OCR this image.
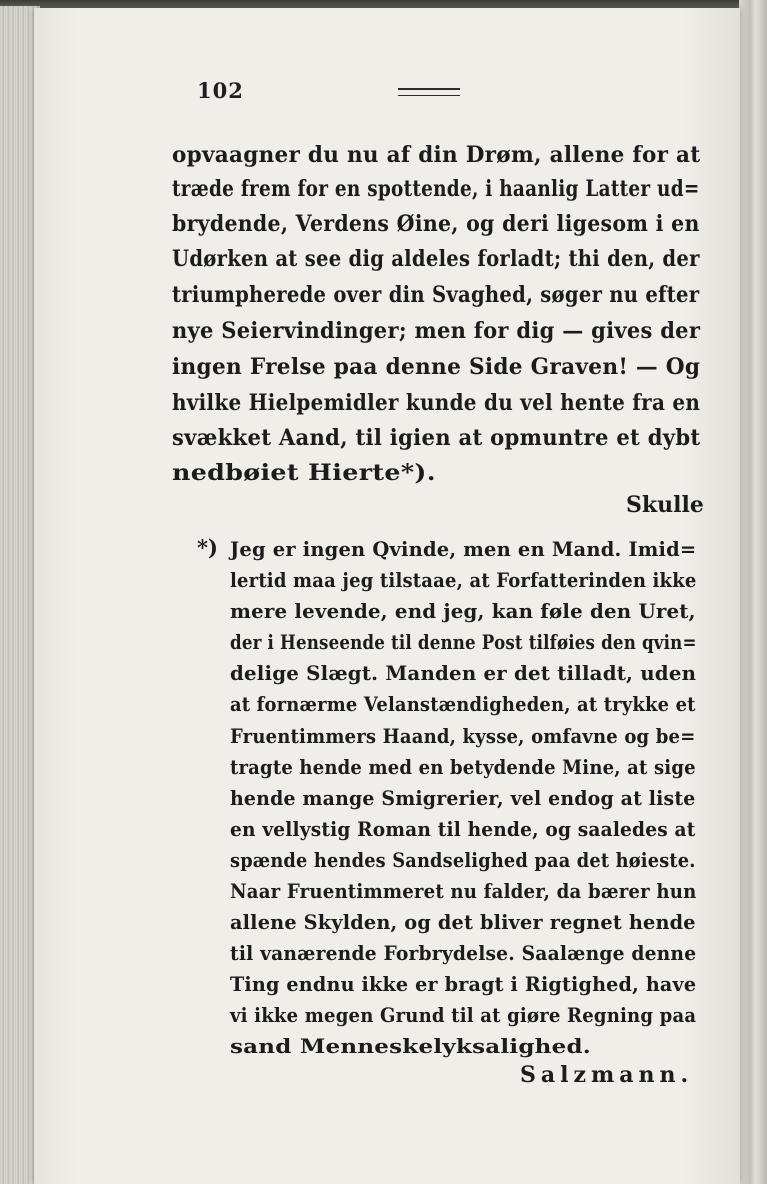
102
opvaagner du nu af din Drøm, allene for at
træde frem for en spottende, i haanlig Latter ud=
brydende, Verdens Øine, og deri ligesom i en
Udørken at see dig aldeles forladt; thi den, der
triumpherede over din Svaghed, søger nu efter
nye Seiervindinger; men for dig — gives der
ingen Frelse paa denne Side Graven! — Og
hvilke Hielpemidler kunde du vel hente fra en
svækket Aand, til igien at opmuntre et dybt
nedbøiet Hierte*).
Skulle
*) Jeg er ingen Qvinde, men en Mand. Imid=
lertid maa jeg tilstaae, at Forfatterinden ikke
mere levende, end jeg, kan føle den Uret,
der i Henseende til denne Post tilføies den qvin=
delige Slægt. Manden er det tilladt, uden
at fornærme Velanstændigheden, at trykke et
Fruentimmers Haand, kysse, omfavne og be=
tragte hende med en betydende Mine, at sige
hende mange Smigrerier, vel endog at liste
en vellystig Roman til hende, og saaledes at
spænde hendes Sandselighed paa det høieste.
Naar Fruentimmeret nu falder, da bærer hun
allene Skylden, og det bliver regnet hende
til vanærende Forbrydelse. Saalænge denne
Ting endnu ikke er bragt i Rigtighed, have
vi ikke megen Grund til at giøre Regning paa
sand Menneskelyksalighed.
Salzmann.
